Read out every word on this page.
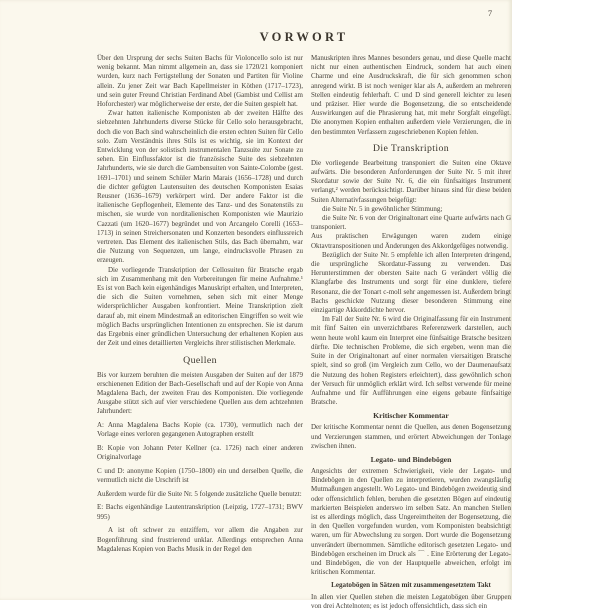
7
VORWORT

Über den Ursprung der sechs Suiten Bachs für Violoncello solo ist nur wenig bekannt. Man nimmt allgemein an, dass sie 1720/21 komponiert wurden, kurz nach Fertigstellung der Sonaten und Partiten für Violine allein. Zu jener Zeit war Bach Kapellmeister in Köthen (1717–1723), und sein guter Freund Christian Ferdinand Abel (Gambist und Cellist am Hoforchester) war möglicherweise der erste, der die Suiten gespielt hat.

Zwar hatten italienische Komponisten ab der zweiten Hälfte des siebzehnten Jahrhunderts diverse Stücke für Cello solo herausgebracht, doch die von Bach sind wahrscheinlich die ersten echten Suiten für Cello solo. Zum Verständnis ihres Stils ist es wichtig, sie im Kontext der Entwicklung von der solistisch instrumentalen Tanzsuite zur Sonate zu sehen. Ein Einflussfaktor ist die französische Suite des siebzehnten Jahrhunderts, wie sie durch die Gambensuiten von Sainte-Colombe (gest. 1691–1701) und seinem Schüler Marin Marais (1656–1728) und durch die dichter gefügten Lautensuiten des deutschen Komponisten Esaias Reusner (1636–1679) verkörpert wird. Der andere Faktor ist die italienische Gepflogenheit, Elemente des Tanz- und des Sonatenstils zu mischen, sie wurde von norditalienischen Komponisten wie Maurizio Cazzati (um 1620–1677) begründet und von Arcangelo Corelli (1653–1713) in seinen Streichersonaten und Konzerten besonders einflussreich vertreten. Das Element des italienischen Stils, das Bach übernahm, war die Nutzung von Sequenzen, um lange, eindrucksvolle Phrasen zu erzeugen.

Die vorliegende Transkription der Cellosuiten für Bratsche ergab sich im Zusammenhang mit den Vorbereitungen für meine Aufnahme.¹ Es ist von Bach kein eigenhändiges Manuskript erhalten, und Interpreten, die sich die Suiten vornehmen, sehen sich mit einer Menge widersprüchlicher Ausgaben konfrontiert. Meine Transkription zielt darauf ab, mit einem Mindestmaß an editorischen Eingriffen so weit wie möglich Bachs ursprünglichen Intentionen zu entsprechen. Sie ist darum das Ergebnis einer gründlichen Untersuchung der erhaltenen Kopien aus der Zeit und eines detaillierten Vergleichs ihrer stilistischen Merkmale.

Quellen

Bis vor kurzem beruhten die meisten Ausgaben der Suiten auf der 1879 erschienenen Edition der Bach-Gesellschaft und auf der Kopie von Anna Magdalena Bach, der zweiten Frau des Komponisten. Die vorliegende Ausgabe stützt sich auf vier verschiedene Quellen aus dem achtzehnten Jahrhundert:

A: Anna Magdalena Bachs Kopie (ca. 1730), vermutlich nach der Vorlage eines verloren gegangenen Autographen erstellt

B: Kopie von Johann Peter Kellner (ca. 1726) nach einer anderen Originalvorlage

C und D: anonyme Kopien (1750–1800) ein und derselben Quelle, die vermutlich nicht die Urschrift ist

Außerdem wurde für die Suite Nr. 5 folgende zusätzliche Quelle benutzt:

E: Bachs eigenhändige Lautentranskription (Leipzig, 1727–1731; BWV 995)

A ist oft schwer zu entziffern, vor allem die Angaben zur Bogenführung sind frustrierend unklar. Allerdings entsprechen Anna Magdalenas Kopien von Bachs Musik in der Regel den

Manuskripten ihres Mannes besonders genau, und diese Quelle macht nicht nur einen authentischen Eindruck, sondern hat auch einen Charme und eine Ausdruckskraft, die für sich genommen schon anregend wirkt. B ist noch weniger klar als A, außerdem an mehreren Stellen eindeutig fehlerhaft. C und D sind generell leichter zu lesen und präziser. Hier wurde die Bogensetzung, die so entscheidende Auswirkungen auf die Phrasierung hat, mit mehr Sorgfalt eingefügt. Die anonymen Kopien enthalten außerdem viele Verzierungen, die in den bestimmten Verfassern zugeschriebenen Kopien fehlen.

Die Transkription

Die vorliegende Bearbeitung transponiert die Suiten eine Oktave aufwärts. Die besonderen Anforderungen der Suite Nr. 5 mit ihrer Skordatur sowie der Suite Nr. 6, die ein fünfsaitiges Instrument verlangt,² werden berücksichtigt. Darüber hinaus sind für diese beiden Suiten Alternativfassungen beigefügt:

die Suite Nr. 5 in gewöhnlicher Stimmung;

die Suite Nr. 6 von der Originaltonart eine Quarte aufwärts nach G transponiert.

Aus praktischen Erwägungen waren zudem einige Oktavtranspositionen und Änderungen des Akkordgefüges notwendig.

Bezüglich der Suite Nr. 5 empfehle ich allen Interpreten dringend, die ursprüngliche Skordatur-Fassung zu verwenden. Das Herunterstimmen der obersten Saite nach G verändert völlig die Klangfarbe des Instruments und sorgt für eine dunklere, tiefere Resonanz, die der Tonart c-moll sehr angemessen ist. Außerdem bringt Bachs geschickte Nutzung dieser besonderen Stimmung eine einzigartige Akkorddichte hervor.

Im Fall der Suite Nr. 6 wird die Originalfassung für ein Instrument mit fünf Saiten ein unverzichtbares Referenzwerk darstellen, auch wenn heute wohl kaum ein Interpret eine fünfsaitige Bratsche besitzen dürfte. Die technischen Probleme, die sich ergeben, wenn man die Suite in der Originaltonart auf einer normalen viersaitigen Bratsche spielt, sind so groß (im Vergleich zum Cello, wo der Daumenaufsatz die Nutzung des hohen Registers erleichtert), dass gewöhnlich schon der Versuch für unmöglich erklärt wird. Ich selbst verwende für meine Aufnahme und für Aufführungen eine eigens gebaute fünfsaitige Bratsche.

Kritischer Kommentar

Der kritische Kommentar nennt die Quellen, aus denen Bogensetzung und Verzierungen stammen, und erörtert Abweichungen der Tonlage zwischen ihnen.

Legato- und Bindebögen

Angesichts der extremen Schwierigkeit, viele der Legato- und Bindebögen in den Quellen zu interpretieren, wurden zwangsläufig Mutmaßungen angestellt. Wo Legato- und Bindebögen zweideutig sind oder offensichtlich fehlen, beruhen die gesetzten Bögen auf eindeutig markierten Beispielen anderswo im selben Satz. An manchen Stellen ist es allerdings möglich, dass Ungereimtheiten der Bogensetzung, die in den Quellen vorgefunden wurden, vom Komponisten beabsichtigt waren, um für Abwechslung zu sorgen. Dort wurde die Bogensetzung unverändert übernommen. Sämtliche editorisch gesetzten Legato- und Bindebögen erscheinen im Druck als ⌒ . Eine Erörterung der Legato- und Bindebögen, die von der Hauptquelle abweichen, erfolgt im kritischen Kommentar.

Legatobögen in Sätzen mit zusammengesetztem Takt

In allen vier Quellen stehen die meisten Legatobögen über Gruppen von drei Achtelnoten; es ist jedoch offensichtlich, dass sich ein
